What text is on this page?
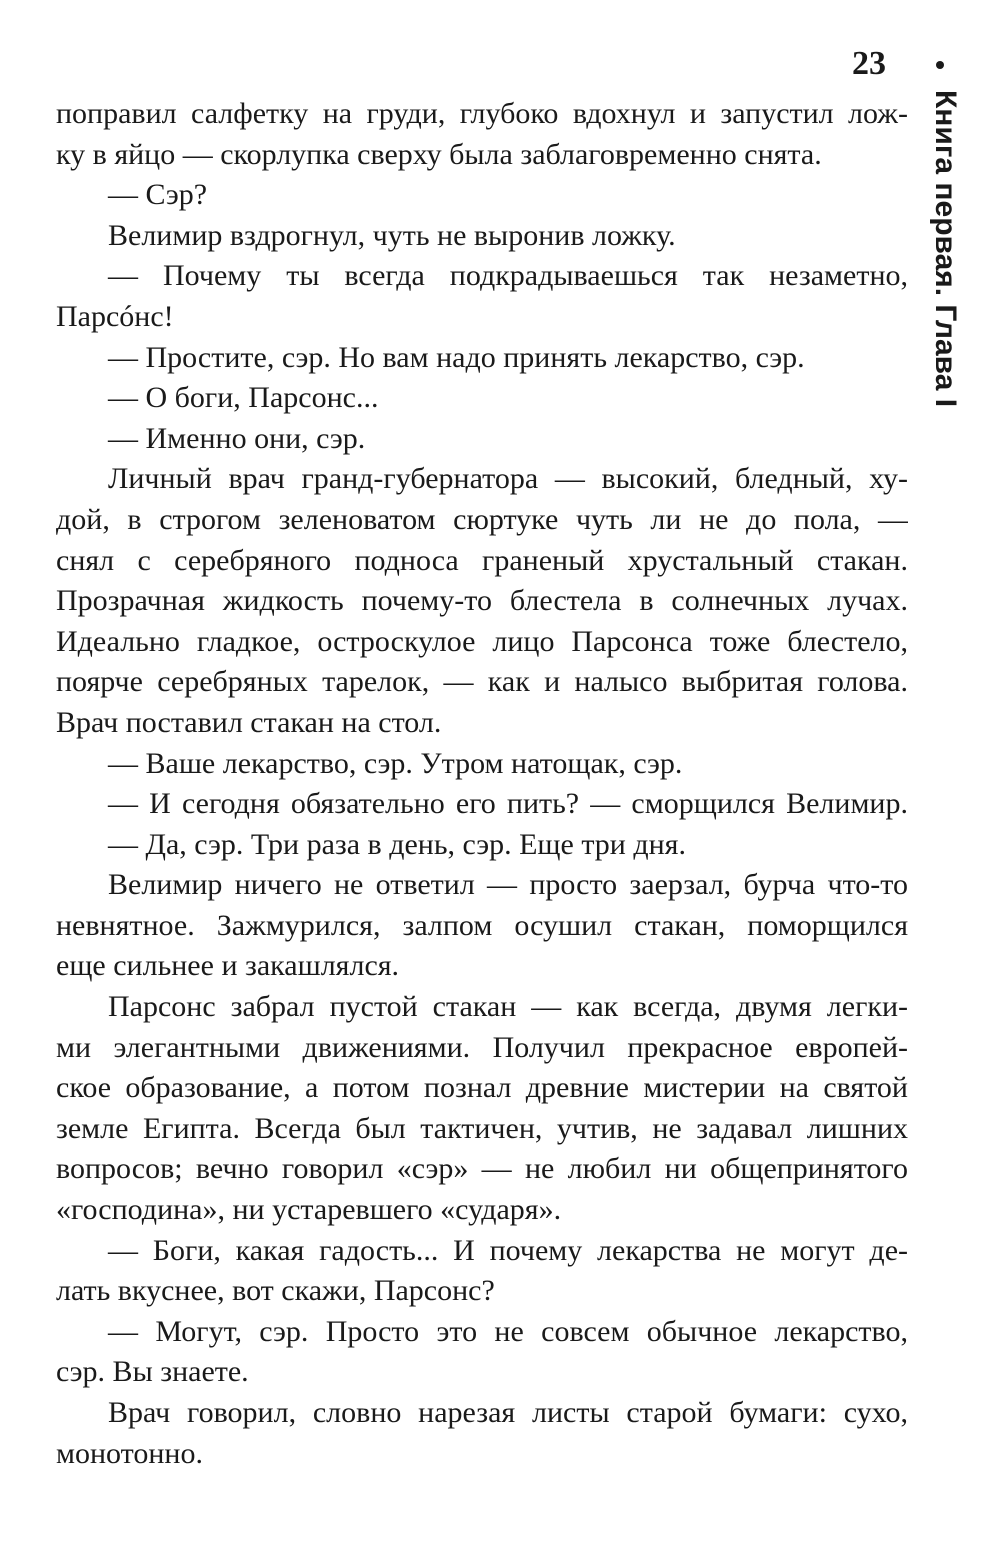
23
Книга первая. Глава I
поправил салфетку на груди, глубоко вдохнул и запустил лож-
ку в яйцо — скорлупка сверху была заблаговременно снята.
— Сэр?
Велимир вздрогнул, чуть не выронив ложку.
— Почему ты всегда подкрадываешься так незаметно,
Парсóнс!
— Простите, сэр. Но вам надо принять лекарство, сэр.
— О боги, Парсонс...
— Именно они, сэр.
Личный врач гранд-губернатора — высокий, бледный, ху-
дой, в строгом зеленоватом сюртуке чуть ли не до пола, —
снял с серебряного подноса граненый хрустальный стакан.
Прозрачная жидкость почему-то блестела в солнечных лучах.
Идеально гладкое, остроскулое лицо Парсонса тоже блестело,
поярче серебряных тарелок, — как и налысо выбритая голова.
Врач поставил стакан на стол.
— Ваше лекарство, сэр. Утром натощак, сэр.
— И сегодня обязательно его пить? — сморщился Велимир.
— Да, сэр. Три раза в день, сэр. Еще три дня.
Велимир ничего не ответил — просто заерзал, бурча что-то
невнятное. Зажмурился, залпом осушил стакан, поморщился
еще сильнее и закашлялся.
Парсонс забрал пустой стакан — как всегда, двумя легки-
ми элегантными движениями. Получил прекрасное европей-
ское образование, а потом познал древние мистерии на святой
земле Египта. Всегда был тактичен, учтив, не задавал лишних
вопросов; вечно говорил «сэр» — не любил ни общепринятого
«господина», ни устаревшего «сударя».
— Боги, какая гадость... И почему лекарства не могут де-
лать вкуснее, вот скажи, Парсонс?
— Могут, сэр. Просто это не совсем обычное лекарство,
сэр. Вы знаете.
Врач говорил, словно нарезая листы старой бумаги: сухо,
монотонно.
